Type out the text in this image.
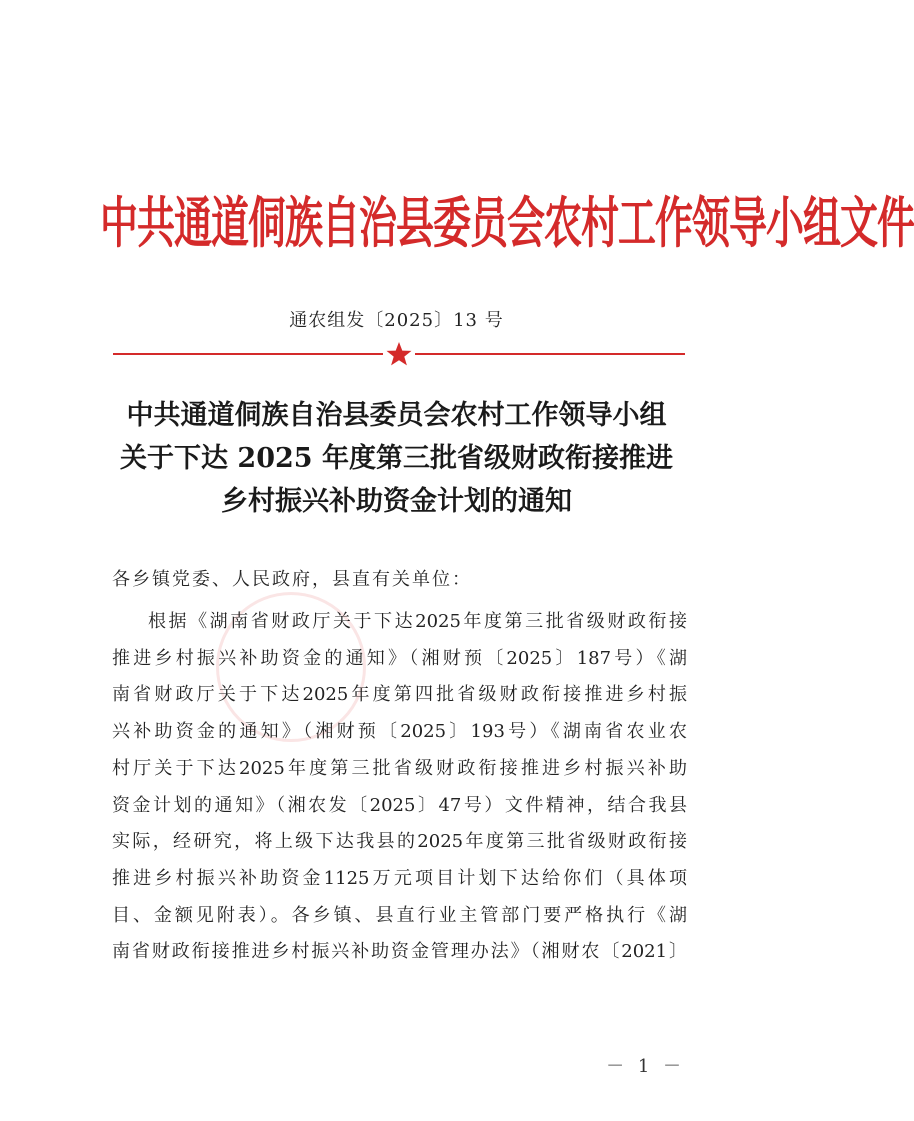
中共通道侗族自治县委员会农村工作领导小组文件
通农组发〔2025〕13 号
中共通道侗族自治县委员会农村工作领导小组
关于下达 2025 年度第三批省级财政衔接推进
乡村振兴补助资金计划的通知
各乡镇党委、人民政府，县直有关单位：
根据《湖南省财政厅关于下达2025年度第三批省级财政衔接
推进乡村振兴补助资金的通知》（湘财预〔2025〕187号）《湖
南省财政厅关于下达2025年度第四批省级财政衔接推进乡村振
兴补助资金的通知》（湘财预〔2025〕193号）《湖南省农业农
村厅关于下达2025年度第三批省级财政衔接推进乡村振兴补助
资金计划的通知》（湘农发〔2025〕47号）文件精神，结合我县
实际，经研究，将上级下达我县的2025年度第三批省级财政衔接
推进乡村振兴补助资金1125万元项目计划下达给你们（具体项
目、金额见附表）。各乡镇、县直行业主管部门要严格执行《湖
南省财政衔接推进乡村振兴补助资金管理办法》（湘财农〔2021〕
－ 1 －
